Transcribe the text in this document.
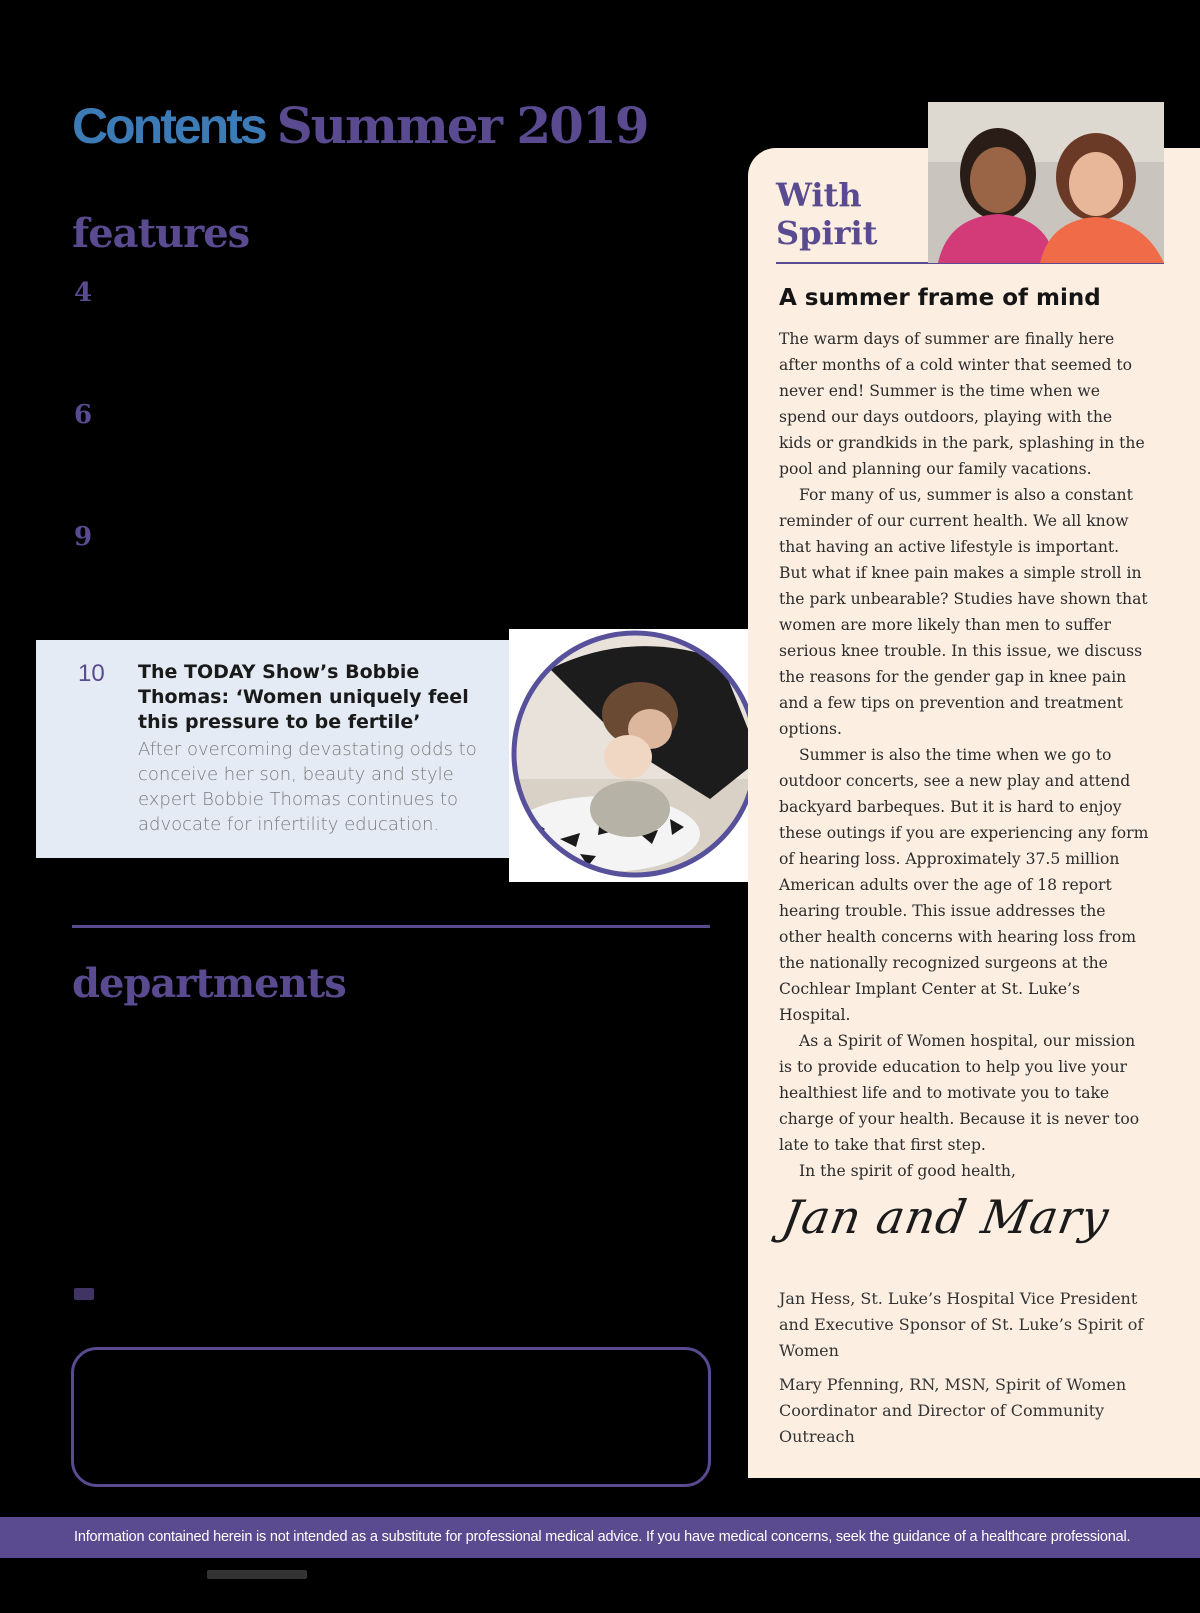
Contents Summer 2019
features
4
6
9
10 The TODAY Show’s Bobbie Thomas: ‘Women uniquely feel this pressure to be fertile’
After overcoming devastating odds to conceive her son, beauty and style expert Bobbie Thomas continues to advocate for infertility education.
departments
With Spirit
A summer frame of mind

The warm days of summer are finally here after months of a cold winter that seemed to never end! Summer is the time when we spend our days outdoors, playing with the kids or grandkids in the park, splashing in the pool and planning our family vacations.

For many of us, summer is also a constant reminder of our current health. We all know that having an active lifestyle is important. But what if knee pain makes a simple stroll in the park unbearable? Studies have shown that women are more likely than men to suffer serious knee trouble. In this issue, we discuss the reasons for the gender gap in knee pain and a few tips on prevention and treatment options.

Summer is also the time when we go to outdoor concerts, see a new play and attend backyard barbeques. But it is hard to enjoy these outings if you are experiencing any form of hearing loss. Approximately 37.5 million American adults over the age of 18 report hearing trouble. This issue addresses the other health concerns with hearing loss from the nationally recognized surgeons at the Cochlear Implant Center at St. Luke’s Hospital.

As a Spirit of Women hospital, our mission is to provide education to help you live your healthiest life and to motivate you to take charge of your health. Because it is never too late to take that first step.

In the spirit of good health,

Jan and Mary
Jan Hess, St. Luke’s Hospital Vice President and Executive Sponsor of St. Luke’s Spirit of Women
Mary Pfenning, RN, MSN, Spirit of Women Coordinator and Director of Community Outreach
Information contained herein is not intended as a substitute for professional medical advice. If you have medical concerns, seek the guidance of a healthcare professional.
